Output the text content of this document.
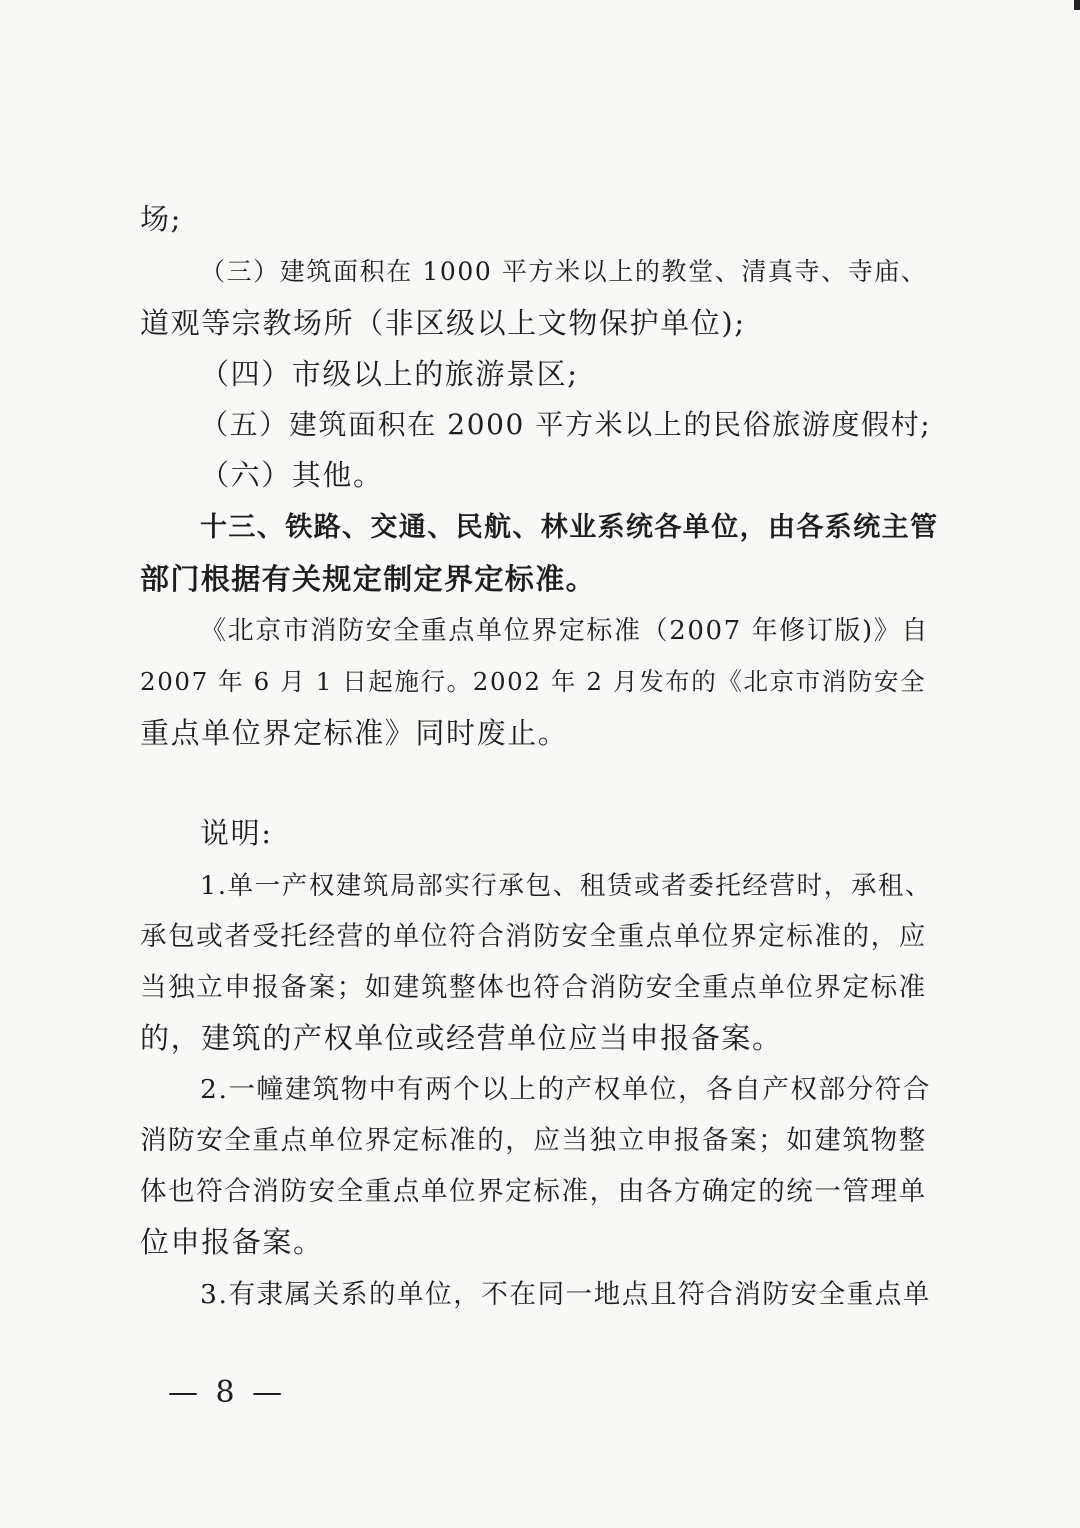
场;
（三）建筑面积在 1000 平方米以上的教堂、清真寺、寺庙、
道观等宗教场所（非区级以上文物保护单位);
（四）市级以上的旅游景区;
（五）建筑面积在 2000 平方米以上的民俗旅游度假村;
（六）其他。
十三、铁路、交通、民航、林业系统各单位，由各系统主管
部门根据有关规定制定界定标准。
《北京市消防安全重点单位界定标准（2007 年修订版)》自
2007 年 6 月 1 日起施行。2002 年 2 月发布的《北京市消防安全
重点单位界定标准》同时废止。
说明:
1.单一产权建筑局部实行承包、租赁或者委托经营时，承租、
承包或者受托经营的单位符合消防安全重点单位界定标准的，应
当独立申报备案；如建筑整体也符合消防安全重点单位界定标准
的，建筑的产权单位或经营单位应当申报备案。
2.一幢建筑物中有两个以上的产权单位，各自产权部分符合
消防安全重点单位界定标准的，应当独立申报备案；如建筑物整
体也符合消防安全重点单位界定标准，由各方确定的统一管理单
位申报备案。
3.有隶属关系的单位，不在同一地点且符合消防安全重点单
— 8 —
